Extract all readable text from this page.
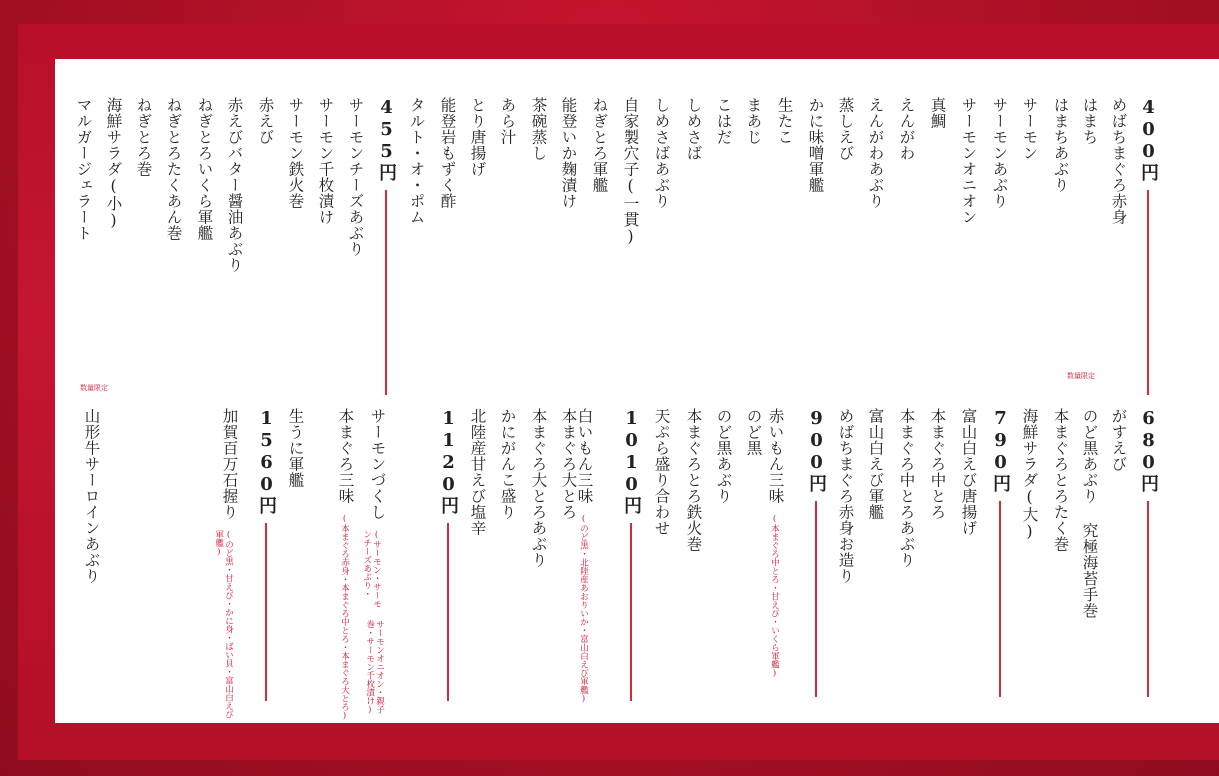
400円
めばちまぐろ赤身
はまち
はまちあぶり
サーモン
サーモンあぶり
サーモンオニオン
真鯛
えんがわ
えんがわあぶり
蒸しえび
かに味噌軍艦
生たこ
まあじ
こはだ
しめさば
しめさばあぶり
自家製穴子(一貫)
ねぎとろ軍艦
能登いか麹漬け
茶碗蒸し
あら汁
とり唐揚げ
能登岩もずく酢
タルト・オ・ポム
455円
サーモンチーズあぶり
サーモン千枚漬け
サーモン鉄火巻
赤えび
赤えびバター醤油あぶり
ねぎとろいくら軍艦
ねぎとろたくあん巻
ねぎとろ巻
海鮮サラダ(小)
マルガージェラート
680円
がすえび
数量限定
のど黒あぶり 究極海苔手巻
本まぐろとろたく巻
海鮮サラダ(大)
790円
富山白えび唐揚げ
本まぐろ中とろ
本まぐろ中とろあぶり
富山白えび軍艦
めばちまぐろ赤身お造り
900円
赤いもん三味
(本まぐろ中とろ・甘えび・いくら軍艦)
のど黒
のど黒あぶり
本まぐろとろ鉄火巻
天ぷら盛り合わせ
1010円
白いもん三味
(のど黒・北陸産あおりいか・富山白えび軍艦)
本まぐろ大とろ
本まぐろ大とろあぶり
かにがんこ盛り
北陸産甘えび塩辛
1120円
サーモンづくし
(サーモン・サーモンチーズあぶり・
サーモンオニオン・親子巻・サーモン千枚漬け)
本まぐろ三味
(本まぐろ赤身・本まぐろ中とろ・本まぐろ大とろ)
生うに軍艦
1560円
加賀百万石握り
(のど黒・甘えび・かに身・ばい貝・富山白えび軍艦)
数量限定
山形牛サーロインあぶり
